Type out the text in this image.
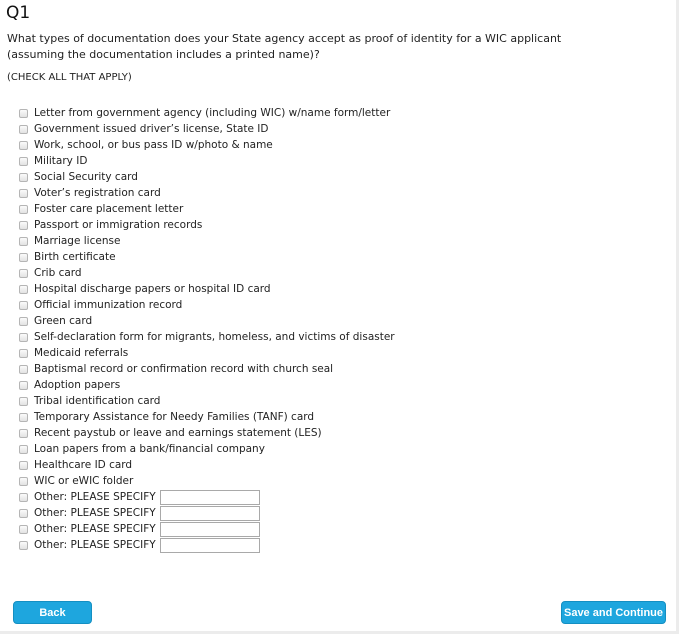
Q1
What types of documentation does your State agency accept as proof of identity for a WIC applicant (assuming the documentation includes a printed name)?
(CHECK ALL THAT APPLY)
Letter from government agency (including WIC) w/name form/letter
Government issued driver’s license, State ID
Work, school, or bus pass ID w/photo & name
Military ID
Social Security card
Voter’s registration card
Foster care placement letter
Passport or immigration records
Marriage license
Birth certificate
Crib card
Hospital discharge papers or hospital ID card
Official immunization record
Green card
Self-declaration form for migrants, homeless, and victims of disaster
Medicaid referrals
Baptismal record or confirmation record with church seal
Adoption papers
Tribal identification card
Temporary Assistance for Needy Families (TANF) card
Recent paystub or leave and earnings statement (LES)
Loan papers from a bank/financial company
Healthcare ID card
WIC or eWIC folder
Other: PLEASE SPECIFY
Other: PLEASE SPECIFY
Other: PLEASE SPECIFY
Other: PLEASE SPECIFY
Back	Save and Continue
